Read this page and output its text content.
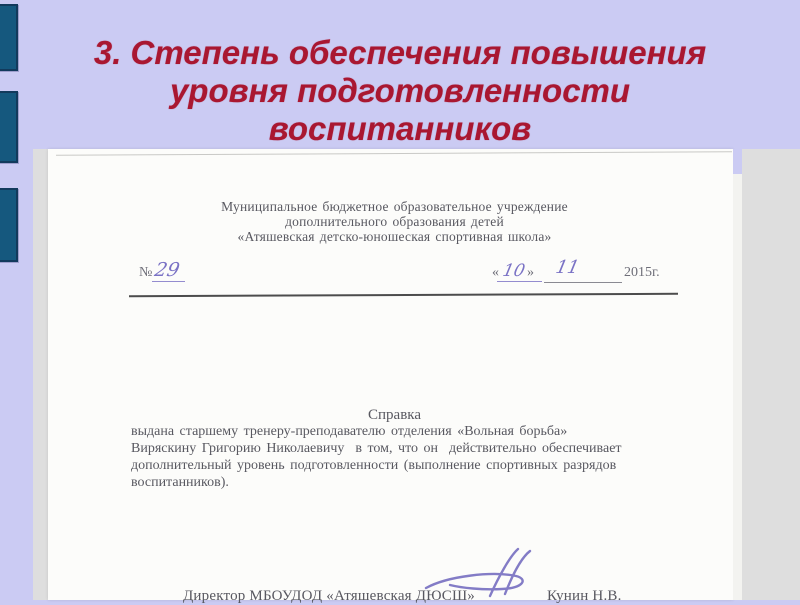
3. Степень обеспечения повышения
уровня подготовленности
воспитанников
Муниципальное бюджетное образовательное учреждение
дополнительного образования детей
«Атяшевская детско-юношеская спортивная школа»
№ 29	« 10 » 11	2015г.
Справка
выдана старшему тренеру-преподавателю отделения «Вольная борьба»
Виряскину Григорию Николаевичу  в том, что он  действительно обеспечивает
дополнительный уровень подготовленности (выполнение спортивных разрядов
воспитанников).
Директор МБОУДОД «Атяшевская ДЮСШ»	Кунин Н.В.
